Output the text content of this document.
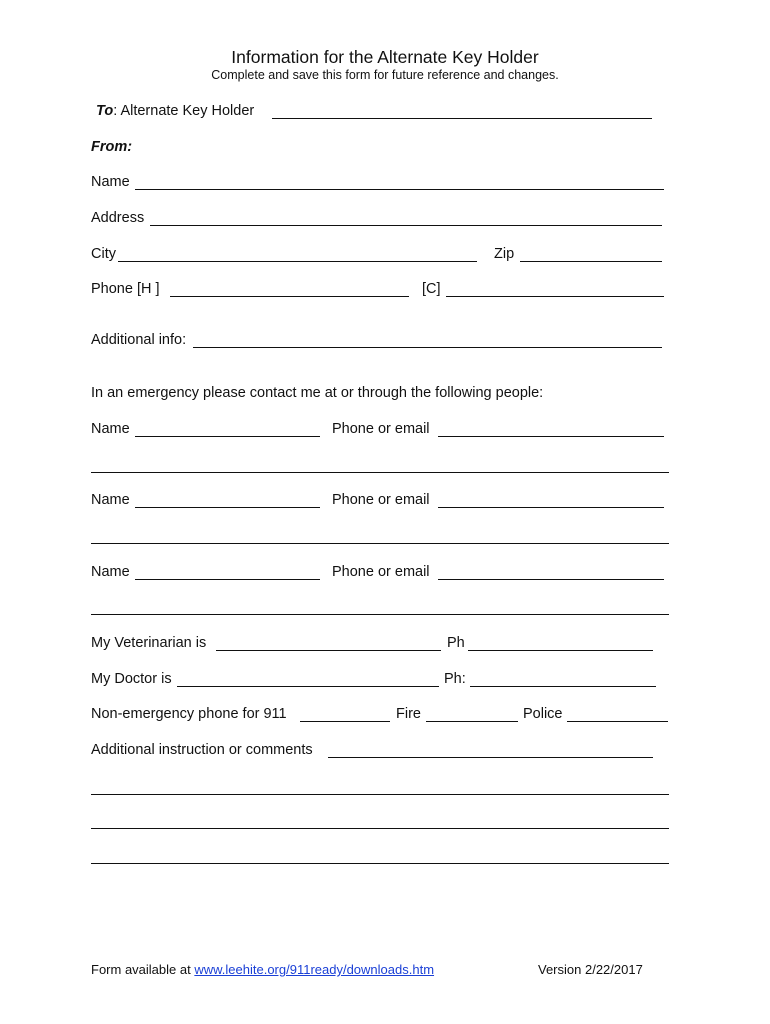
Information for the Alternate Key Holder
Complete and save this form for future reference and changes.
To: Alternate Key Holder
From:
Name
Address
City	Zip
Phone [H ]	[C]
Additional info:
In an emergency please contact me at or through the following people:
Name	Phone or email
Name	Phone or email
Name	Phone or email
My Veterinarian is	Ph
My Doctor is	Ph:
Non-emergency phone for 911	Fire	Police
Additional instruction or comments
Form available at www.leehite.org/911ready/downloads.htm	Version 2/22/2017
